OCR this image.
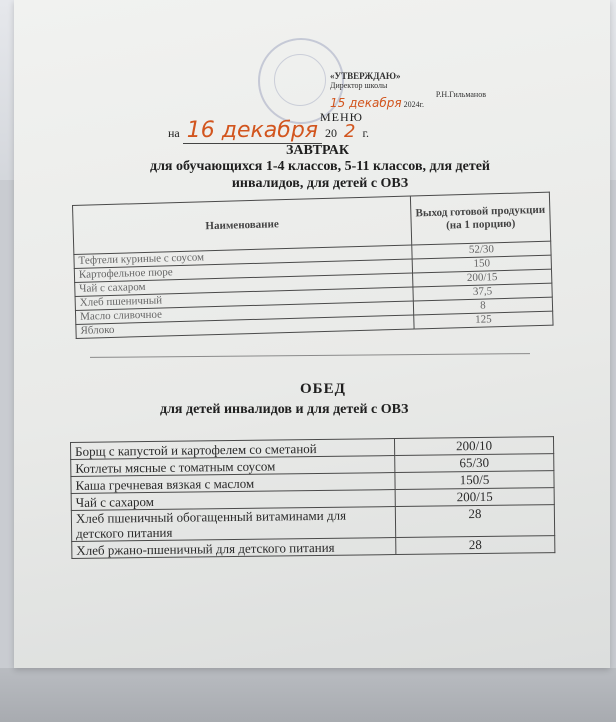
«УТВЕРЖДАЮ»
Директор школы
Р.Н.Гильманов
15 декабря 2024г.
МЕНЮ
на 16 декабря 20 2 г.
ЗАВТРАК
для обучающихся 1-4 классов, 5-11 классов, для детей инвалидов, для детей с ОВЗ
Наименование	Выход готовой продукции (на 1 порцию)
Тефтели куриные с соусом	52/30
Картофельное пюре	150
Чай с сахаром	200/15
Хлеб пшеничный	37,5
Масло сливочное	8
Яблоко	125
ОБЕД
для детей инвалидов и для детей с ОВЗ
Борщ с капустой и картофелем со сметаной	200/10
Котлеты мясные с томатным соусом	65/30
Каша гречневая вязкая с маслом	150/5
Чай с сахаром	200/15
Хлеб пшеничный обогащенный витаминами для детского питания	28
Хлеб ржано-пшеничный для детского питания	28
